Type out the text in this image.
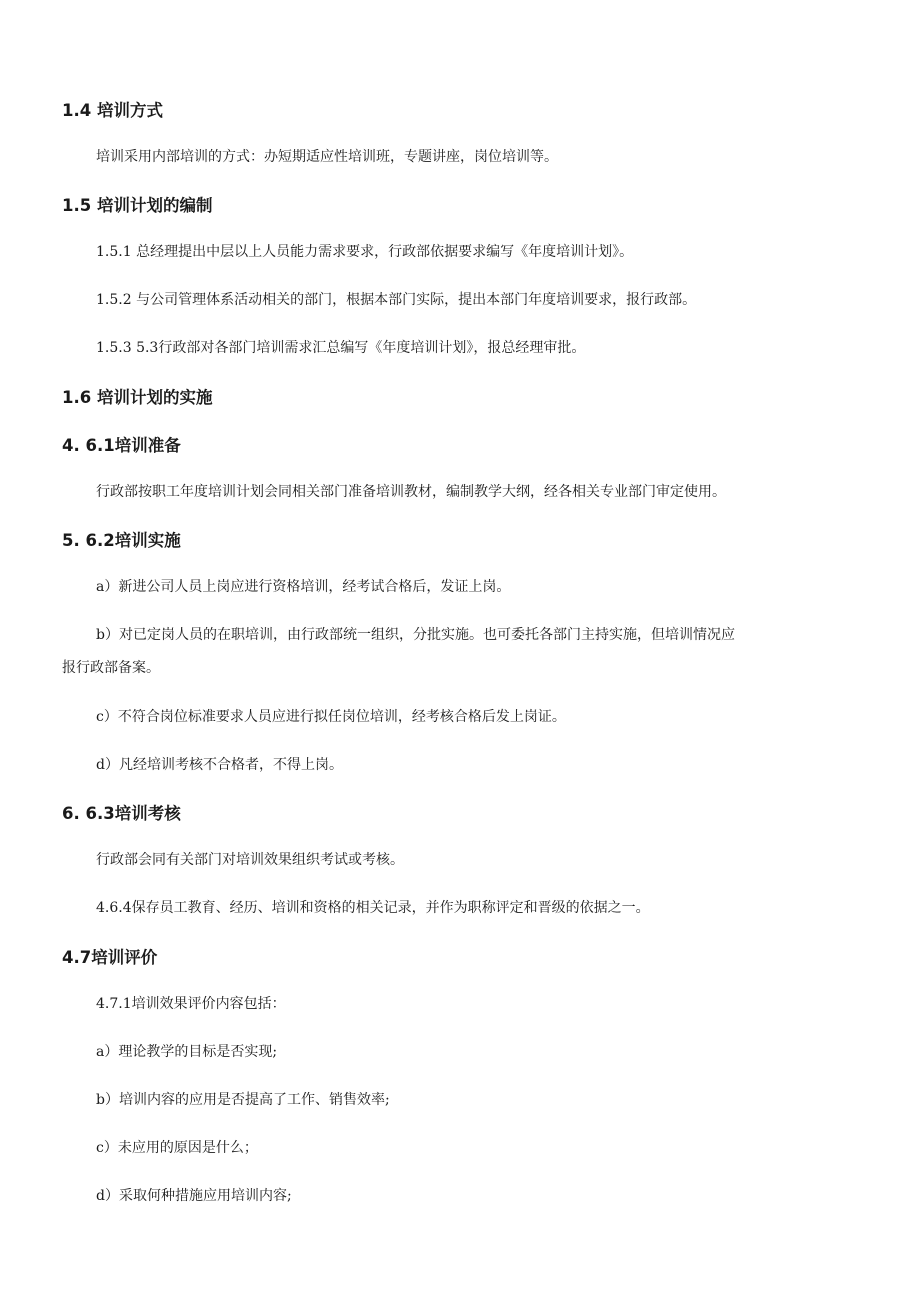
1.4 培训方式

培训采用内部培训的方式：办短期适应性培训班，专题讲座，岗位培训等。

1.5 培训计划的编制

1.5.1 总经理提出中层以上人员能力需求要求，行政部依据要求编写《年度培训计划》。

1.5.2 与公司管理体系活动相关的部门，根据本部门实际，提出本部门年度培训要求，报行政部。

1.5.3 5.3行政部对各部门培训需求汇总编写《年度培训计划》，报总经理审批。

1.6 培训计划的实施

4. 6.1培训准备

行政部按职工年度培训计划会同相关部门准备培训教材，编制教学大纲，经各相关专业部门审定使用。

5. 6.2培训实施

a）新进公司人员上岗应进行资格培训，经考试合格后，发证上岗。

b）对已定岗人员的在职培训，由行政部统一组织，分批实施。也可委托各部门主持实施，但培训情况应

报行政部备案。

c）不符合岗位标准要求人员应进行拟任岗位培训，经考核合格后发上岗证。

d）凡经培训考核不合格者，不得上岗。

6. 6.3培训考核

行政部会同有关部门对培训效果组织考试或考核。

4.6.4保存员工教育、经历、培训和资格的相关记录，并作为职称评定和晋级的依据之一。

4.7培训评价

4.7.1培训效果评价内容包括：

a）理论教学的目标是否实现;

b）培训内容的应用是否提高了工作、销售效率;

c）未应用的原因是什么；

d）采取何种措施应用培训内容;
